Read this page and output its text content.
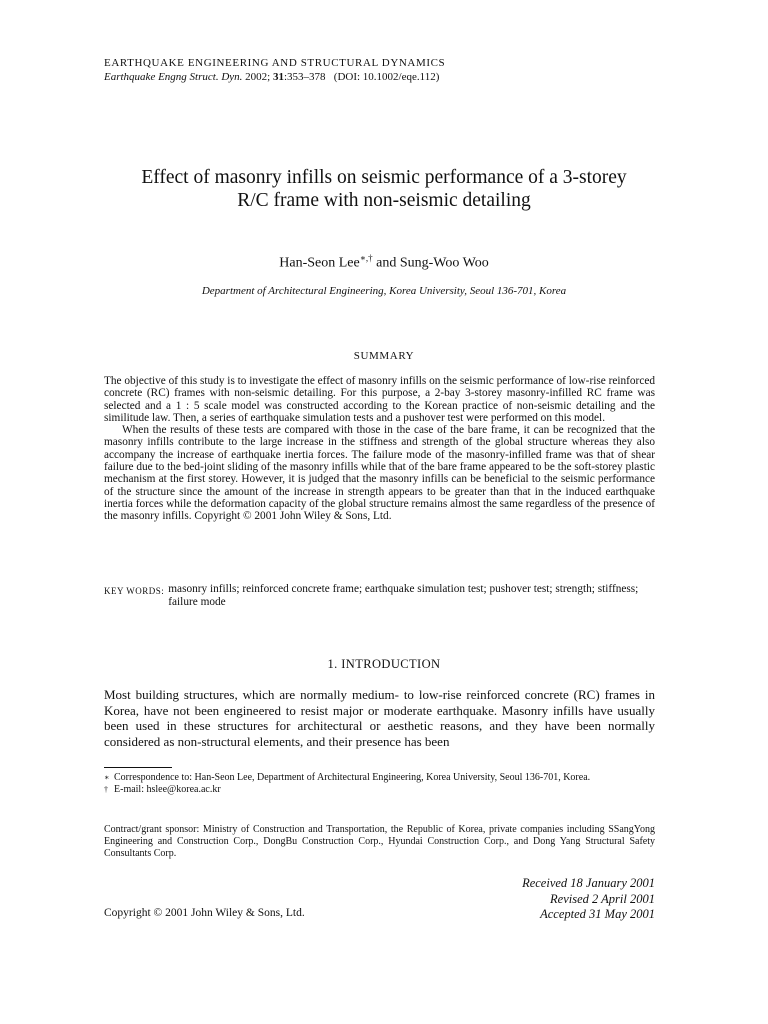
EARTHQUAKE ENGINEERING AND STRUCTURAL DYNAMICS
Earthquake Engng Struct. Dyn. 2002; 31:353–378 (DOI: 10.1002/eqe.112)
Effect of masonry infills on seismic performance of a 3-storey
R/C frame with non-seismic detailing
Han-Seon Lee∗,† and Sung-Woo Woo
Department of Architectural Engineering, Korea University, Seoul 136-701, Korea
SUMMARY

The objective of this study is to investigate the effect of masonry infills on the seismic performance of low-rise reinforced concrete (RC) frames with non-seismic detailing. For this purpose, a 2-bay 3-storey masonry-infilled RC frame was selected and a 1 : 5 scale model was constructed according to the Korean practice of non-seismic detailing and the similitude law. Then, a series of earthquake simulation tests and a pushover test were performed on this model.

When the results of these tests are compared with those in the case of the bare frame, it can be recognized that the masonry infills contribute to the large increase in the stiffness and strength of the global structure whereas they also accompany the increase of earthquake inertia forces. The failure mode of the masonry-infilled frame was that of shear failure due to the bed-joint sliding of the masonry infills while that of the bare frame appeared to be the soft-storey plastic mechanism at the first storey. However, it is judged that the masonry infills can be beneficial to the seismic performance of the structure since the amount of the increase in strength appears to be greater than that in the induced earthquake inertia forces while the deformation capacity of the global structure remains almost the same regardless of the presence of the masonry infills. Copyright © 2001 John Wiley & Sons, Ltd.

KEY WORDS: masonry infills; reinforced concrete frame; earthquake simulation test; pushover test; strength; stiffness; failure mode
1. INTRODUCTION

Most building structures, which are normally medium- to low-rise reinforced concrete (RC) frames in Korea, have not been engineered to resist major or moderate earthquake. Masonry infills have usually been used in these structures for architectural or aesthetic reasons, and they have been normally considered as non-structural elements, and their presence has been

∗ Correspondence to: Han-Seon Lee, Department of Architectural Engineering, Korea University, Seoul 136-701, Korea.
† E-mail: hslee@korea.ac.kr
Contract/grant sponsor: Ministry of Construction and Transportation, the Republic of Korea, private companies including SSangYong Engineering and Construction Corp., DongBu Construction Corp., Hyundai Construction Corp., and Dong Yang Structural Safety Consultants Corp.
Received 18 January 2001
Revised 2 April 2001
Accepted 31 May 2001
Copyright © 2001 John Wiley & Sons, Ltd.
